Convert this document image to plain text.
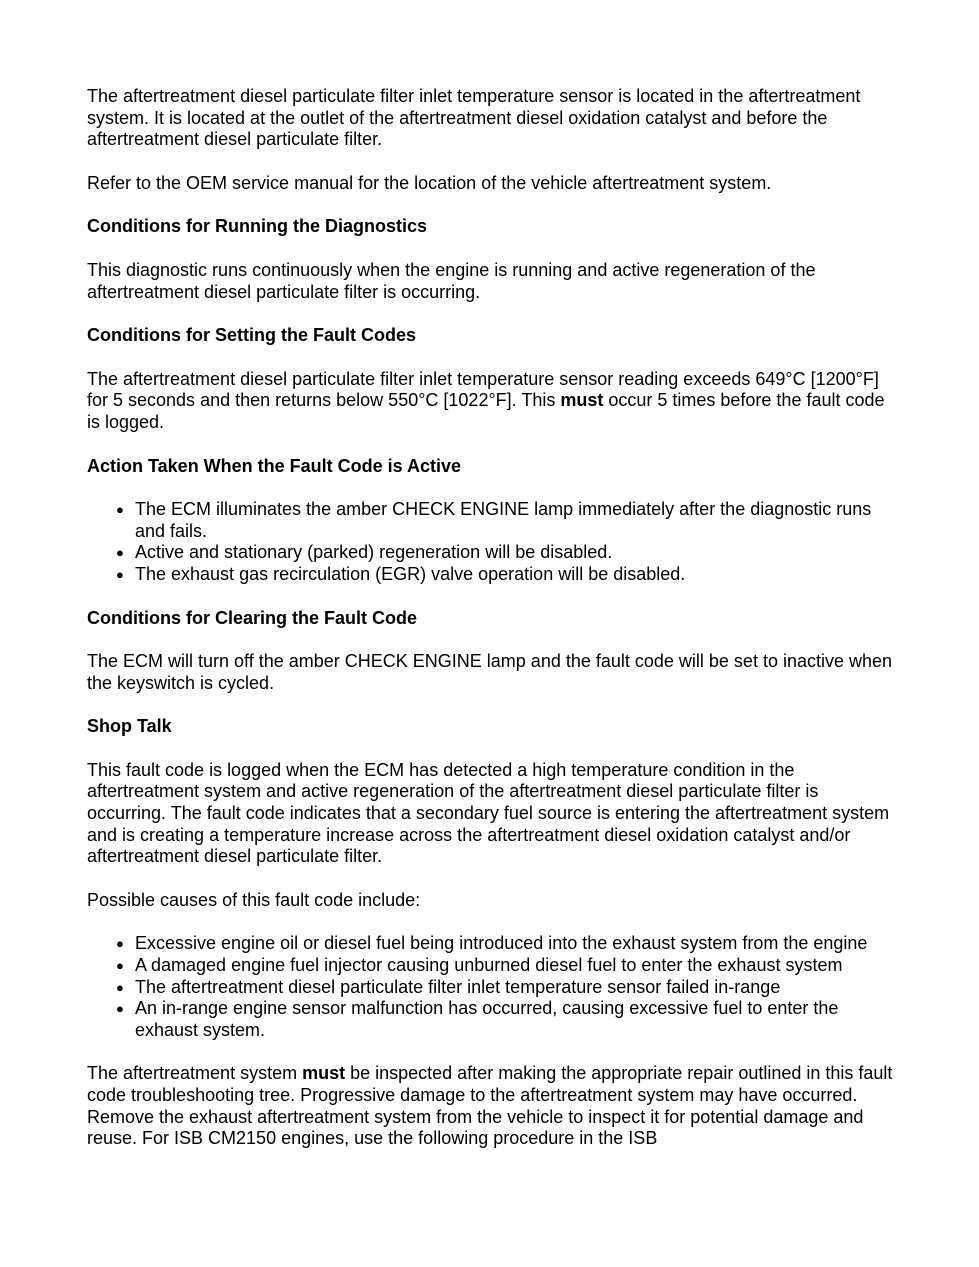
The aftertreatment diesel particulate filter inlet temperature sensor is located in the aftertreatment system. It is located at the outlet of the aftertreatment diesel oxidation catalyst and before the aftertreatment diesel particulate filter.

Refer to the OEM service manual for the location of the vehicle aftertreatment system.

Conditions for Running the Diagnostics

This diagnostic runs continuously when the engine is running and active regeneration of the aftertreatment diesel particulate filter is occurring.

Conditions for Setting the Fault Codes

The aftertreatment diesel particulate filter inlet temperature sensor reading exceeds 649°C [1200°F] for 5 seconds and then returns below 550°C [1022°F]. This must occur 5 times before the fault code is logged.

Action Taken When the Fault Code is Active
● The ECM illuminates the amber CHECK ENGINE lamp immediately after the diagnostic runs and fails.
● Active and stationary (parked) regeneration will be disabled.
● The exhaust gas recirculation (EGR) valve operation will be disabled.
Conditions for Clearing the Fault Code

The ECM will turn off the amber CHECK ENGINE lamp and the fault code will be set to inactive when the keyswitch is cycled.

Shop Talk

This fault code is logged when the ECM has detected a high temperature condition in the aftertreatment system and active regeneration of the aftertreatment diesel particulate filter is occurring. The fault code indicates that a secondary fuel source is entering the aftertreatment system and is creating a temperature increase across the aftertreatment diesel oxidation catalyst and/or aftertreatment diesel particulate filter.

Possible causes of this fault code include:

● Excessive engine oil or diesel fuel being introduced into the exhaust system from the engine
● A damaged engine fuel injector causing unburned diesel fuel to enter the exhaust system
● The aftertreatment diesel particulate filter inlet temperature sensor failed in-range
● An in-range engine sensor malfunction has occurred, causing excessive fuel to enter the exhaust system.

The aftertreatment system must be inspected after making the appropriate repair outlined in this fault code troubleshooting tree. Progressive damage to the aftertreatment system may have occurred. Remove the exhaust aftertreatment system from the vehicle to inspect it for potential damage and reuse. For ISB CM2150 engines, use the following procedure in the ISB
